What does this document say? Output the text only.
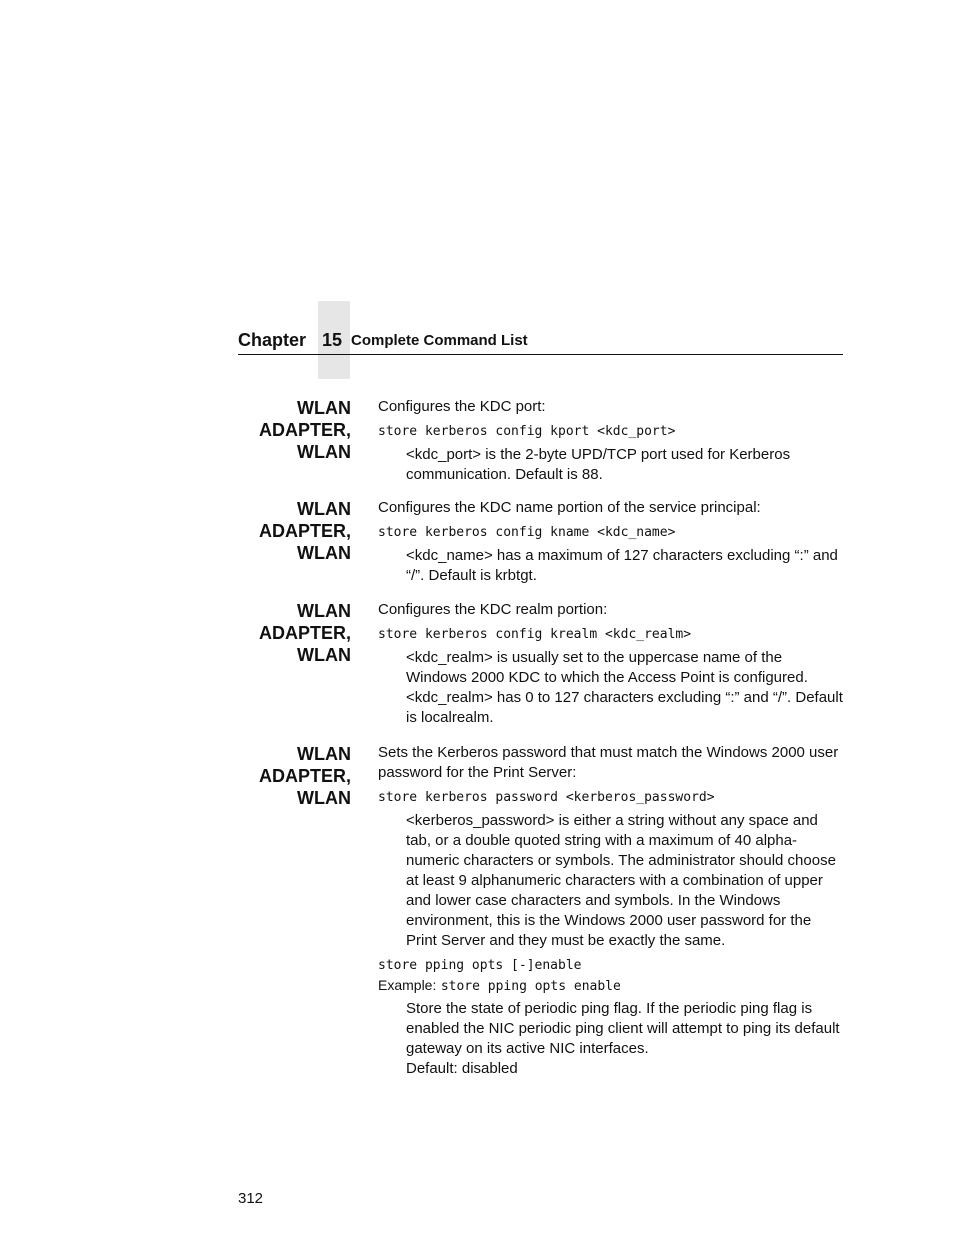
Chapter 15 Complete Command List
WLAN
ADAPTER,
WLAN

Configures the KDC port:

store kerberos config kport <kdc_port>

<kdc_port> is the 2-byte UPD/TCP port used for Kerberos communication. Default is 88.

WLAN
ADAPTER,
WLAN

Configures the KDC name portion of the service principal:

store kerberos config kname <kdc_name>

<kdc_name> has a maximum of 127 characters excluding “:” and “/”. Default is krbtgt.

WLAN
ADAPTER,
WLAN

Configures the KDC realm portion:

store kerberos config krealm <kdc_realm>
<kdc_realm> is usually set to the uppercase name of the Windows 2000 KDC to which the Access Point is configured.
<kdc_realm> has 0 to 127 characters excluding “:” and “/”. Default is localrealm.
WLAN
ADAPTER,
WLAN

Sets the Kerberos password that must match the Windows 2000 user password for the Print Server:

store kerberos password <kerberos_password>

<kerberos_password> is either a string without any space and tab, or a double quoted string with a maximum of 40 alpha-numeric characters or symbols. The administrator should choose at least 9 alphanumeric characters with a combination of upper and lower case characters and symbols. In the Windows environment, this is the Windows 2000 user password for the Print Server and they must be exactly the same.

store pping opts [-]enable

Example: store pping opts enable

Store the state of periodic ping flag. If the periodic ping flag is enabled the NIC periodic ping client will attempt to ping its default gateway on its active NIC interfaces.

Default: disabled

312
